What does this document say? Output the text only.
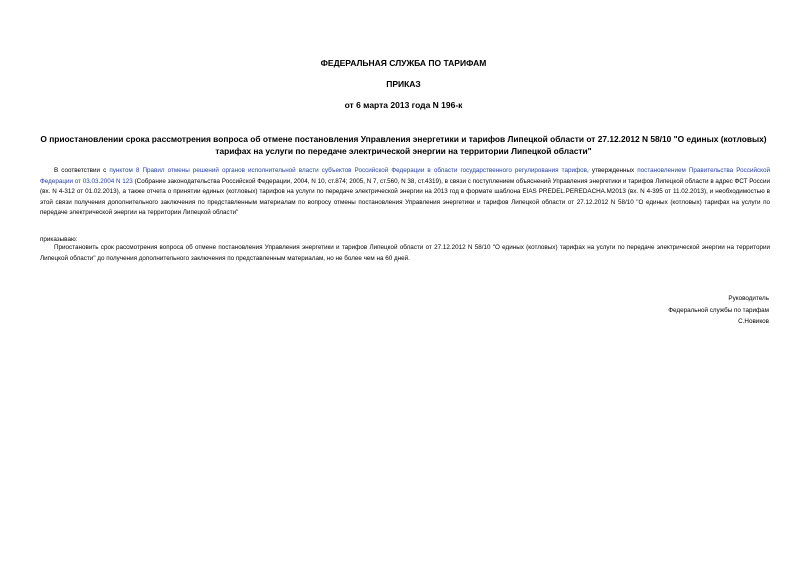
ФЕДЕРАЛЬНАЯ СЛУЖБА ПО ТАРИФАМ
ПРИКАЗ
от 6 марта 2013 года N 196-к
О приостановлении срока рассмотрения вопроса об отмене постановления Управления энергетики и тарифов Липецкой области от 27.12.2012 N 58/10 "О единых (котловых) тарифах на услуги по передаче электрической энергии на территории Липецкой области"
В соответствии с пунктом 8 Правил отмены решений органов исполнительной власти субъектов Российской Федерации в области государственного регулирования тарифов, утвержденных постановлением Правительства Российской Федерации от 03.03.2004 N 123 (Собрание законодательства Российской Федерации, 2004, N 10, ст.874; 2005, N 7, ст.560, N 38, ст.4319), в связи с поступлением объяснений Управления энергетики и тарифов Липецкой области в адрес ФСТ России (вх. N 4-312 от 01.02.2013), а также отчета о принятии единых (котловых) тарифов на услуги по передаче электрической энергии на 2013 год в формате шаблона EIAS PREDEL.PEREDACHA.M2013 (вх. N 4-395 от 11.02.2013), и необходимостью в этой связи получения дополнительного заключения по представленным материалам по вопросу отмены постановления Управления энергетики и тарифов Липецкой области от 27.12.2012 N 58/10 "О единых (котловых) тарифах на услуги по передаче электрической энергии на территории Липецкой области"
приказываю:
Приостановить срок рассмотрения вопроса об отмене постановления Управления энергетики и тарифов Липецкой области от 27.12.2012 N 58/10 "О единых (котловых) тарифах на услуги по передаче электрической энергии на территории Липецкой области" до получения дополнительного заключения по представленным материалам, но не более чем на 60 дней.
Руководитель
Федеральной службы по тарифам
С.Новиков
